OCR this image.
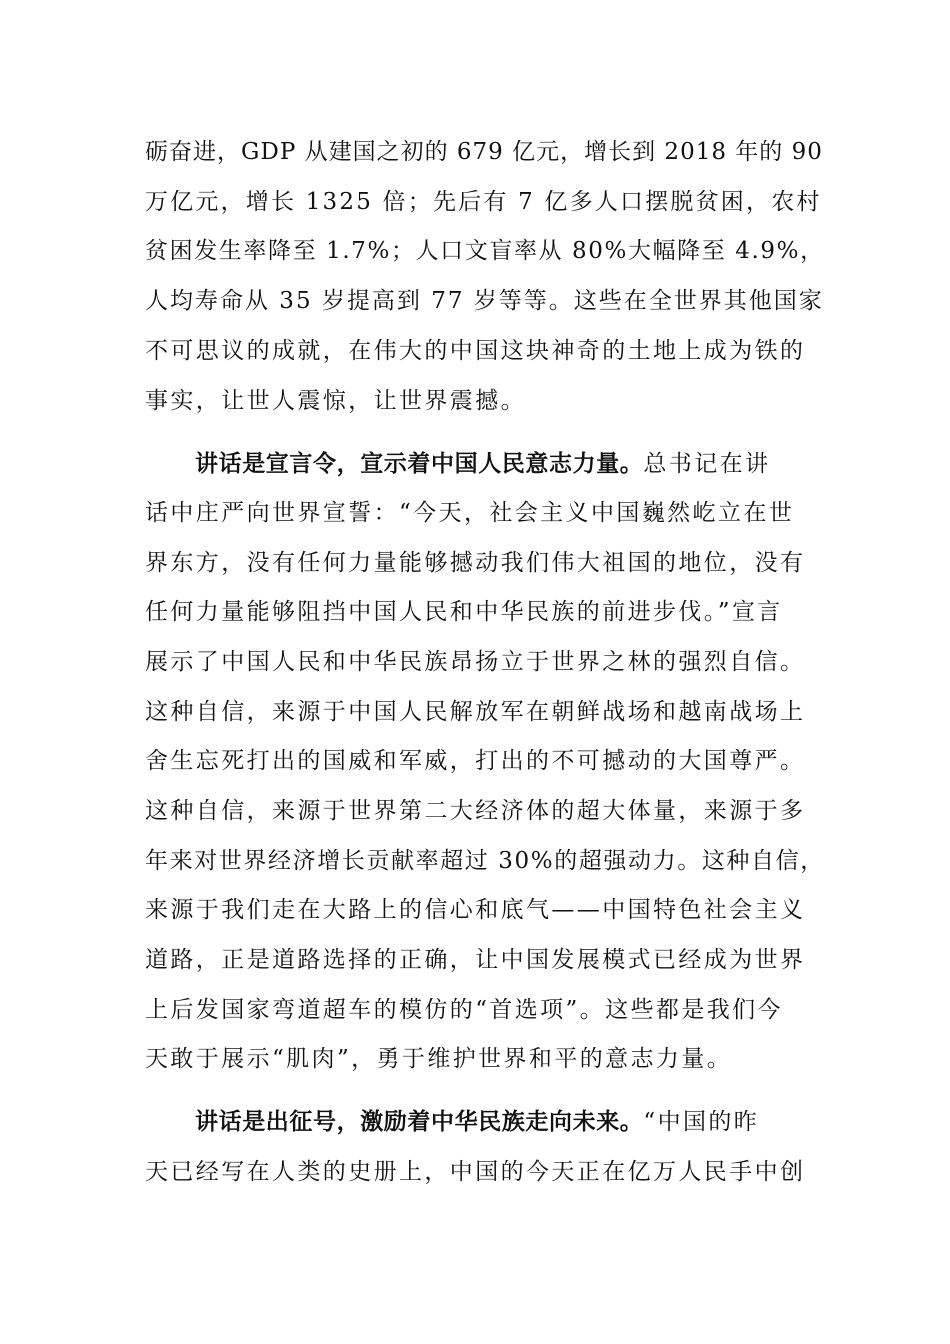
砺奋进，GDP 从建国之初的 679 亿元，增长到 2018 年的 90
万亿元，增长 1325 倍；先后有 7 亿多人口摆脱贫困，农村
贫困发生率降至 1.7%；人口文盲率从 80%大幅降至 4.9%，
人均寿命从 35 岁提高到 77 岁等等。这些在全世界其他国家
不可思议的成就，在伟大的中国这块神奇的土地上成为铁的
事实，让世人震惊，让世界震撼。
讲话是宣言令，宣示着中国人民意志力量。总书记在讲
话中庄严向世界宣誓：“今天，社会主义中国巍然屹立在世
界东方，没有任何力量能够撼动我们伟大祖国的地位，没有
任何力量能够阻挡中国人民和中华民族的前进步伐。”宣言
展示了中国人民和中华民族昂扬立于世界之林的强烈自信。
这种自信，来源于中国人民解放军在朝鲜战场和越南战场上
舍生忘死打出的国威和军威，打出的不可撼动的大国尊严。
这种自信，来源于世界第二大经济体的超大体量，来源于多
年来对世界经济增长贡献率超过 30%的超强动力。这种自信，
来源于我们走在大路上的信心和底气——中国特色社会主义
道路，正是道路选择的正确，让中国发展模式已经成为世界
上后发国家弯道超车的模仿的“首选项”。这些都是我们今
天敢于展示“肌肉”，勇于维护世界和平的意志力量。
讲话是出征号，激励着中华民族走向未来。“中国的昨
天已经写在人类的史册上，中国的今天正在亿万人民手中创
